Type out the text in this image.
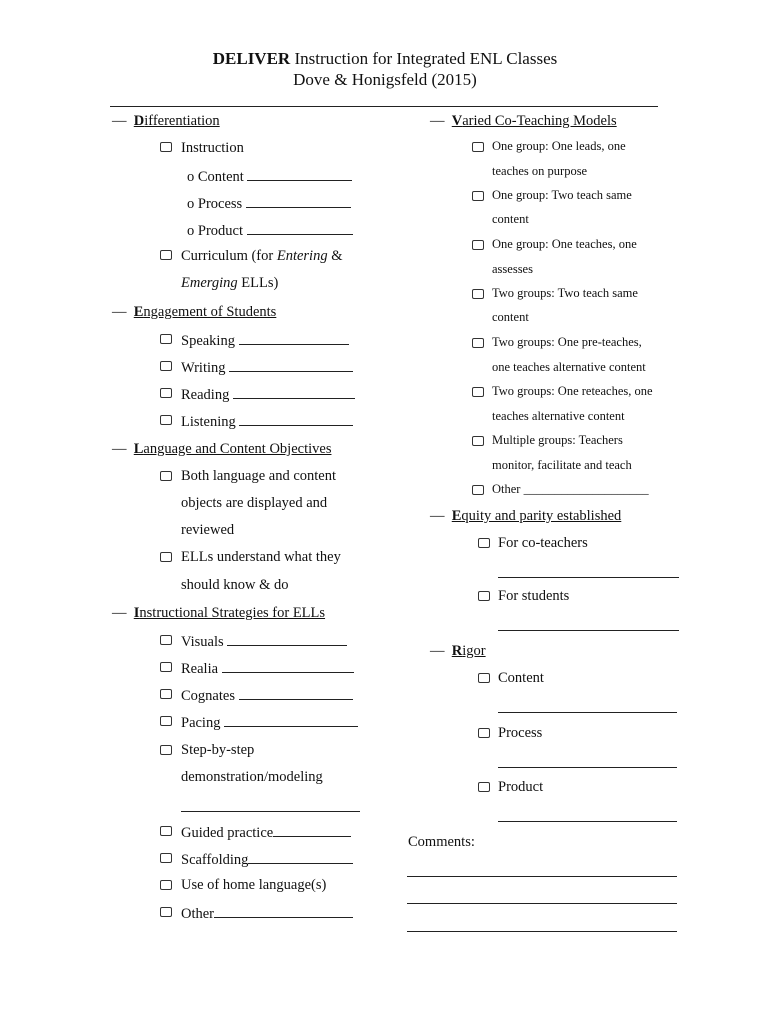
DELIVER Instruction for Integrated ENL Classes
Dove & Honigsfeld (2015)
— Differentiation
Instruction
o Content
o Process
o Product
Curriculum (for Entering &
Emerging ELLs)
— Engagement of Students
Speaking
Writing
Reading
Listening
— Language and Content Objectives
Both language and content
objects are displayed and
reviewed
ELLs understand what they
should know & do
— Instructional Strategies for ELLs
Visuals
Realia
Cognates
Pacing
Step-by-step
demonstration/modeling
Guided practice
Scaffolding
Use of home language(s)
Other
— Varied Co-Teaching Models
One group: One leads, one
teaches on purpose
One group: Two teach same
content
One group: One teaches, one
assesses
Two groups: Two teach same
content
Two groups: One pre-teaches,
one teaches alternative content
Two groups: One reteaches, one
teaches alternative content
Multiple groups: Teachers
monitor, facilitate and teach
Other ____________________
— Equity and parity established
For co-teachers
For students
— Rigor
Content
Process
Product
Comments:
